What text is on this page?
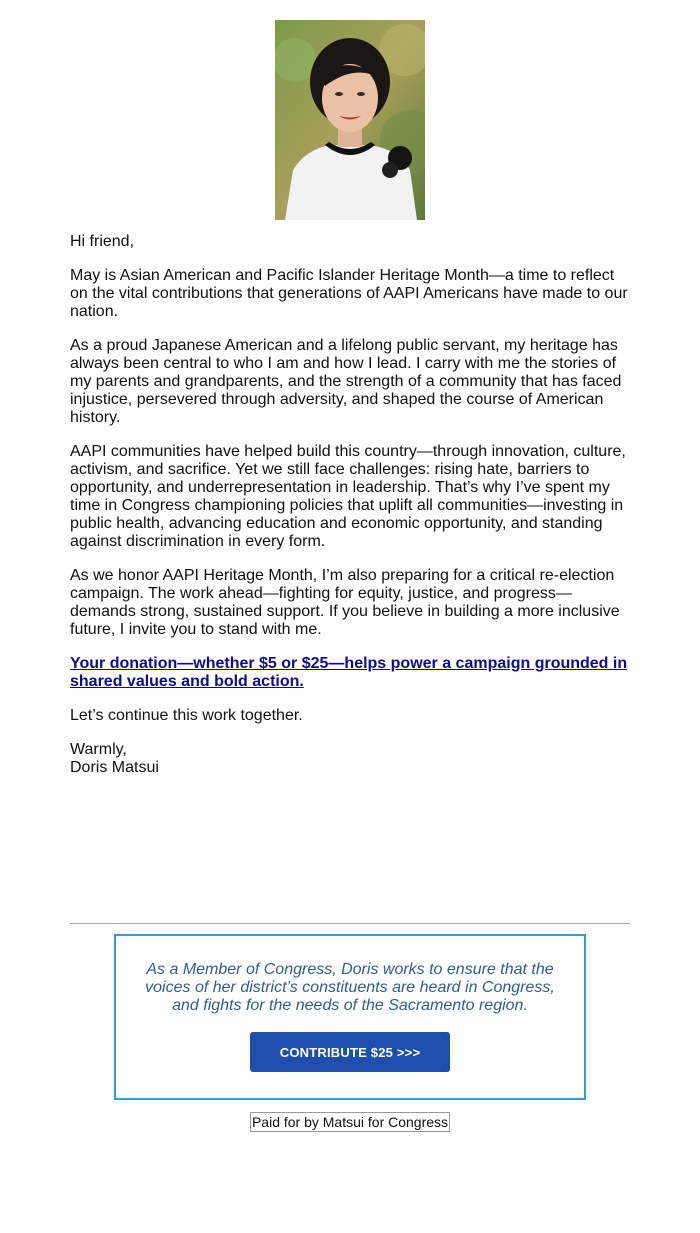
Hi friend,

May is Asian American and Pacific Islander Heritage Month—a time to reflect on the vital contributions that generations of AAPI Americans have made to our nation.

As a proud Japanese American and a lifelong public servant, my heritage has always been central to who I am and how I lead. I carry with me the stories of my parents and grandparents, and the strength of a community that has faced injustice, persevered through adversity, and shaped the course of American history.

AAPI communities have helped build this country—through innovation, culture, activism, and sacrifice. Yet we still face challenges: rising hate, barriers to opportunity, and underrepresentation in leadership. That’s why I’ve spent my time in Congress championing policies that uplift all communities—investing in public health, advancing education and economic opportunity, and standing against discrimination in every form.

As we honor AAPI Heritage Month, I’m also preparing for a critical re-election campaign. The work ahead—fighting for equity, justice, and progress—demands strong, sustained support. If you believe in building a more inclusive future, I invite you to stand with me.

Your donation—whether $5 or $25—helps power a campaign grounded in shared values and bold action.

Let’s continue this work together.

Warmly,
Doris Matsui

As a Member of Congress, Doris works to ensure that the voices of her district’s constituents are heard in Congress, and fights for the needs of the Sacramento region.
CONTRIBUTE $25 >>>
Paid for by Matsui for Congress
